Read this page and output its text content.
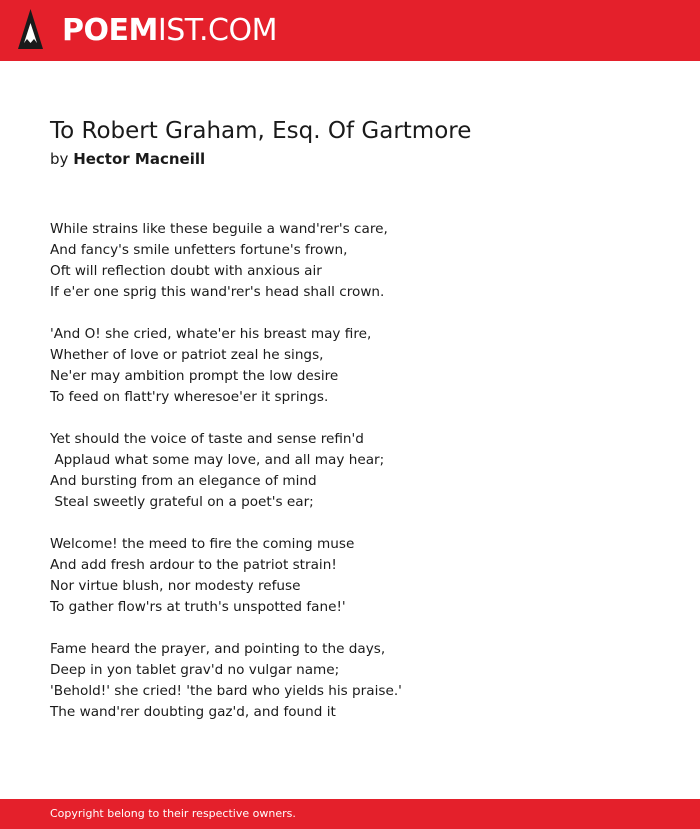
POEMIST.COM
To Robert Graham, Esq. Of Gartmore
by Hector Macneill
While strains like these beguile a wand'rer's care,
And fancy's smile unfetters fortune's frown,
Oft will reflection doubt with anxious air
If e'er one sprig this wand'rer's head shall crown.
'And O! she cried, whate'er his breast may fire,
Whether of love or patriot zeal he sings,
Ne'er may ambition prompt the low desire
To feed on flatt'ry wheresoe'er it springs.
Yet should the voice of taste and sense refin'd
Applaud what some may love, and all may hear;
And bursting from an elegance of mind
Steal sweetly grateful on a poet's ear;
Welcome! the meed to fire the coming muse
And add fresh ardour to the patriot strain!
Nor virtue blush, nor modesty refuse
To gather flow'rs at truth's unspotted fane!'
Fame heard the prayer, and pointing to the days,
Deep in yon tablet grav'd no vulgar name;
'Behold!' she cried! 'the bard who yields his praise.'
The wand'rer doubting gaz'd, and found it
Copyright belong to their respective owners.
